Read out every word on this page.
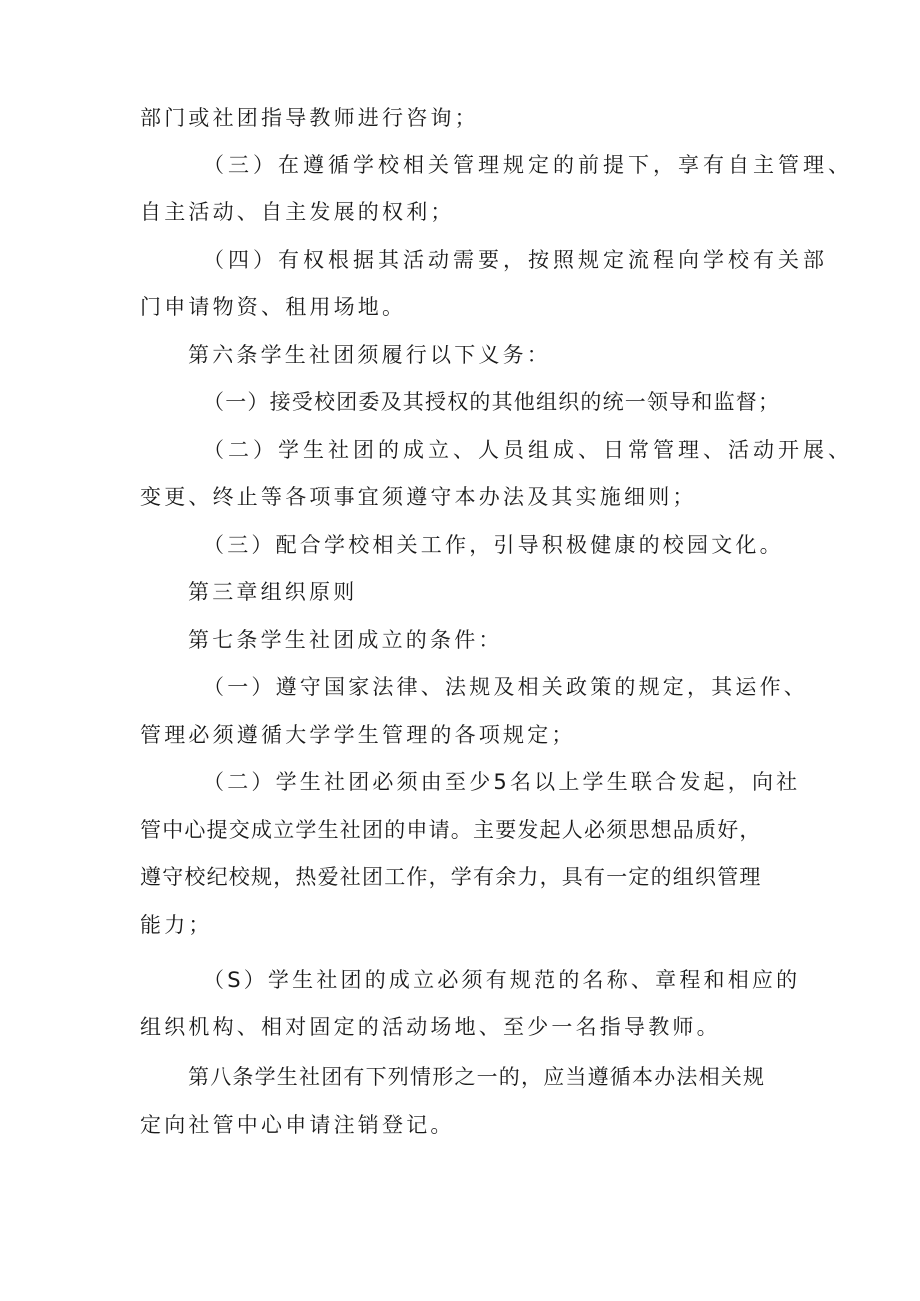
部门或社团指导教师进行咨询；
（三）在遵循学校相关管理规定的前提下，享有自主管理、
自主活动、自主发展的权利；
（四）有权根据其活动需要，按照规定流程向学校有关部
门申请物资、租用场地。
第六条学生社团须履行以下义务：
（一）接受校团委及其授权的其他组织的统一领导和监督；
（二）学生社团的成立、人员组成、日常管理、活动开展、
变更、终止等各项事宜须遵守本办法及其实施细则；
（三）配合学校相关工作，引导积极健康的校园文化。
第三章组织原则
第七条学生社团成立的条件：
（一）遵守国家法律、法规及相关政策的规定，其运作、
管理必须遵循大学学生管理的各项规定；
（二）学生社团必须由至少5名以上学生联合发起，向社
管中心提交成立学生社团的申请。主要发起人必须思想品质好，
遵守校纪校规，热爱社团工作，学有余力，具有一定的组织管理
能力；
（S）学生社团的成立必须有规范的名称、章程和相应的
组织机构、相对固定的活动场地、至少一名指导教师。
第八条学生社团有下列情形之一的，应当遵循本办法相关规
定向社管中心申请注销登记。
